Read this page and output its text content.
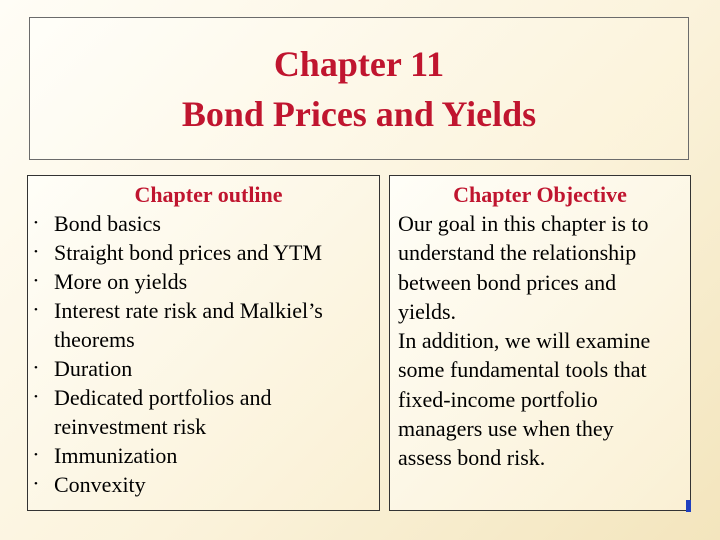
Chapter 11
Bond Prices and Yields
Chapter outline
• Bond basics
• Straight bond prices and YTM
• More on yields
• Interest rate risk and Malkiel’s
theorems
• Duration
• Dedicated portfolios and
reinvestment risk
• Immunization
• Convexity
Chapter Objective

Our goal in this chapter is to
understand the relationship
between bond prices and
yields.
In addition, we will examine
some fundamental tools that
fixed-income portfolio
managers use when they
assess bond risk.
